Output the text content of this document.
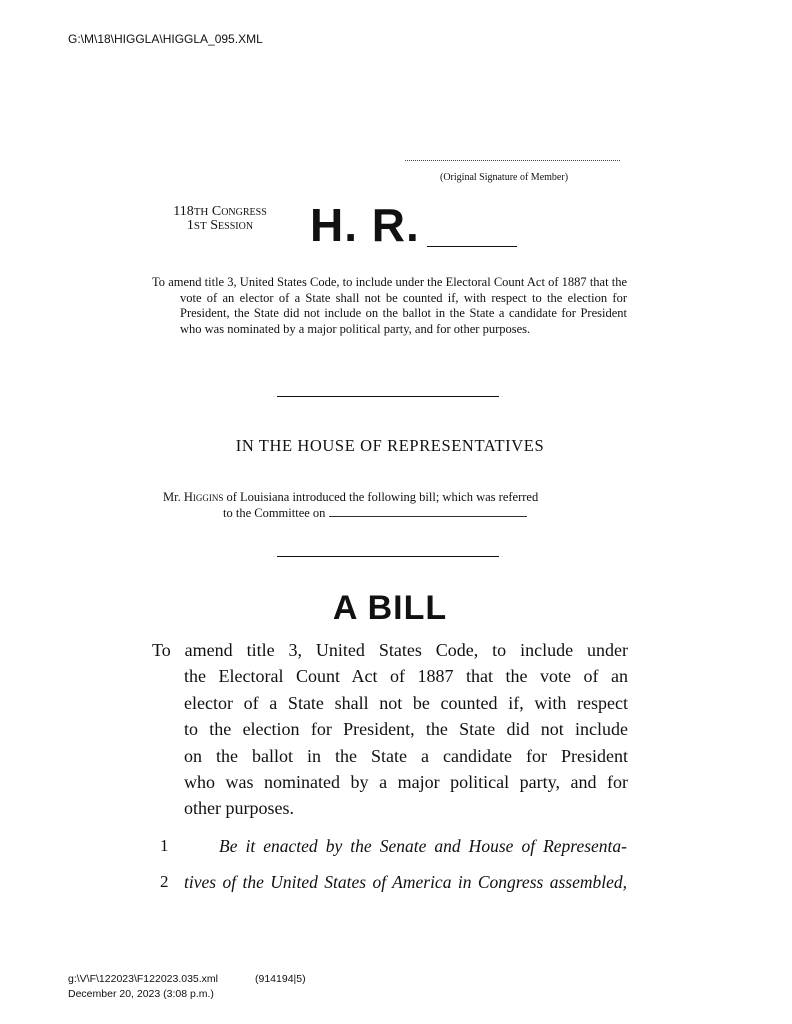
G:\M\18\HIGGLA\HIGGLA_095.XML
(Original Signature of Member)
118TH Congress
1ST Session	H. R.
To amend title 3, United States Code, to include under the Electoral Count Act of 1887 that the vote of an elector of a State shall not be counted if, with respect to the election for President, the State did not include on the ballot in the State a candidate for President who was nominated by a major political party, and for other purposes.
IN THE HOUSE OF REPRESENTATIVES
Mr. Higgins of Louisiana introduced the following bill; which was referred
to the Committee on
A BILL
To amend title 3, United States Code, to include under
the Electoral Count Act of 1887 that the vote of an
elector of a State shall not be counted if, with respect
to the election for President, the State did not include
on the ballot in the State a candidate for President
who was nominated by a major political party, and for
other purposes.
1	Be it enacted by the Senate and House of Representa-
2 tives of the United States of America in Congress assembled,
g:\V\F\122023\F122023.035.xml	(914194|5)
December 20, 2023 (3:08 p.m.)
